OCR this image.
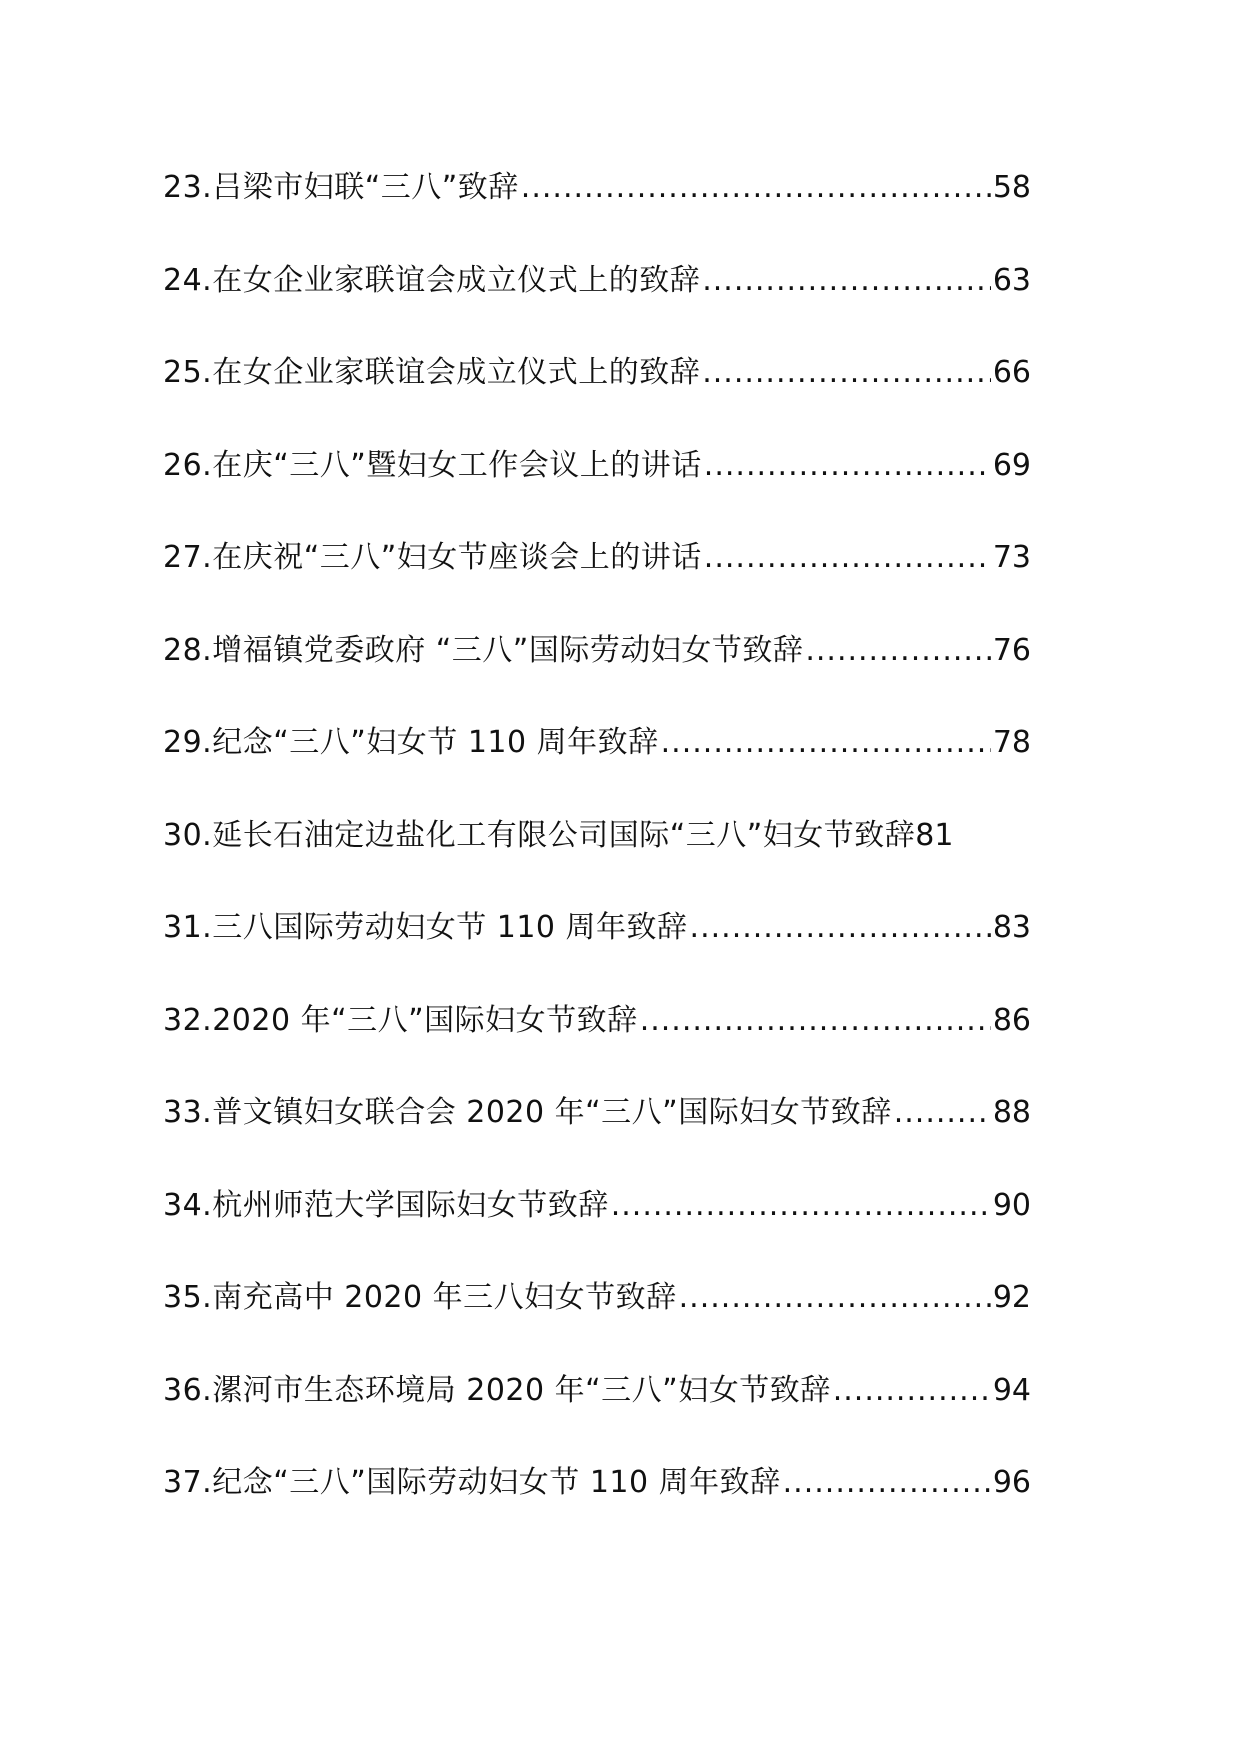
23.吕梁市妇联“三八”致辞 .....	58
24.在女企业家联谊会成立仪式上的致辞 .....	63
25.在女企业家联谊会成立仪式上的致辞 .....	66
26.在庆“三八”暨妇女工作会议上的讲话 .....	69
27.在庆祝“三八”妇女节座谈会上的讲话 .....	73
28.增福镇党委政府 “三八”国际劳动妇女节致辞 .....	76
29.纪念“三八”妇女节 110 周年致辞 .....	78
30.延长石油定边盐化工有限公司国际“三八”妇女节致辞 81
31.三八国际劳动妇女节 110 周年致辞 .....	83
32.2020 年“三八”国际妇女节致辞 .....	86
33.普文镇妇女联合会 2020 年“三八”国际妇女节致辞 .....	88
34.杭州师范大学国际妇女节致辞 .....	90
35.南充高中 2020 年三八妇女节致辞 .....	92
36.漯河市生态环境局 2020 年“三八”妇女节致辞 .....	94
37.纪念“三八”国际劳动妇女节 110 周年致辞 .....	96
